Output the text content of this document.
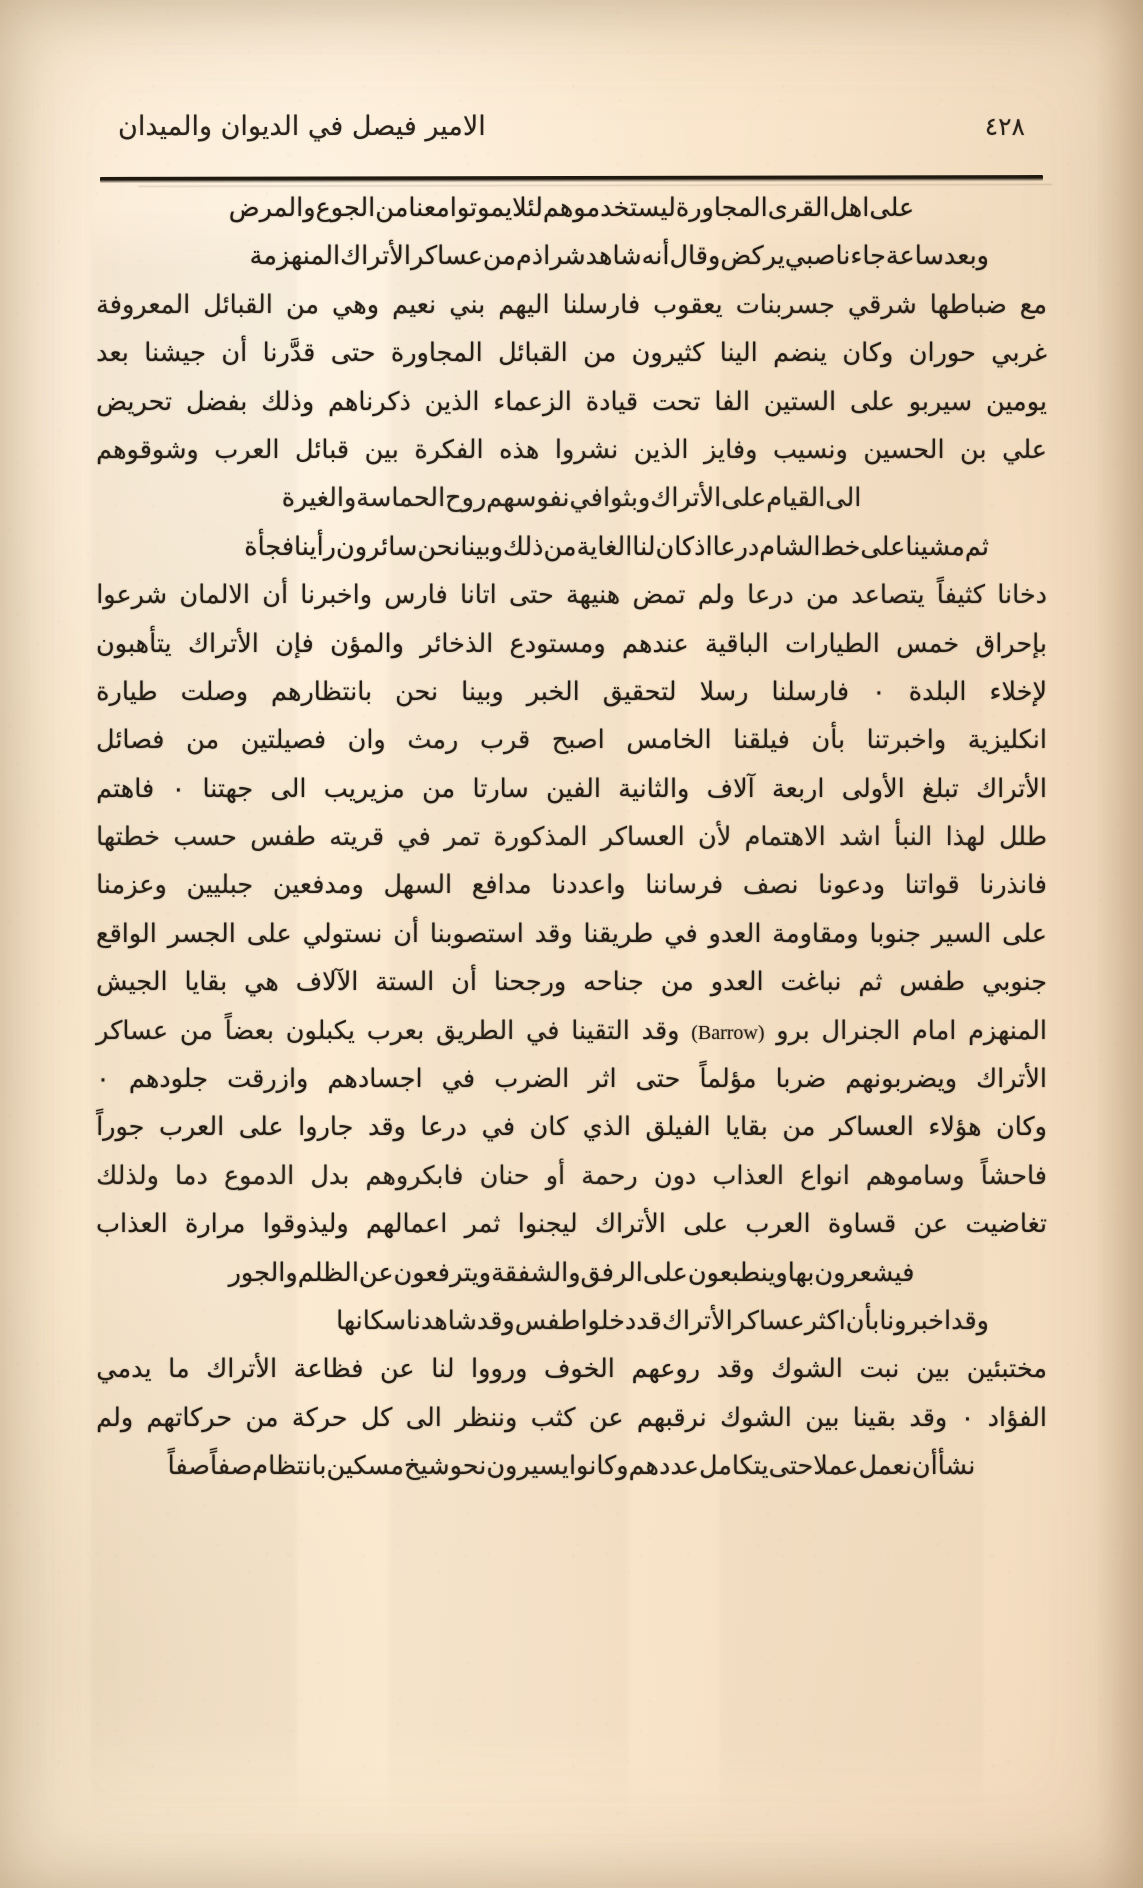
الامير فيصل في الديوان والميدان	٤٢٨
على
اهل
القرى
المجاورة
ليستخدموهم
لئلا
يموتوا
معنا
من
الجوع
والمرض
وبعد
ساعة
جاءناصبي
يركض
وقال
أنه
شاهدشر
اذم
من
عساكر
الأتراك
المنهزمة
مع
ضباطها
شرقي
جسربنات
يعقوب
فارسلنا
اليهم
بني
نعيم
وهي
من
القبائل
المعروفة
غربي
حوران
وكان
ينضم
الينا
كثيرون
من
القبائل
المجاورة
حتى
قدَّرنا
أن
جيشنا
بعد
يومين
سيربو
على
الستين
الفا
تحت
قيادة
الزعماء
الذين
ذكرناهم
وذلك
بفضل
تحريض
علي
بن
الحسين
ونسيب
وفايز
الذين
نشروا
هذه
الفكرة
بين
قبائل
العرب
وشوقوهم
الى
القيام
على
الأتراك
وبثوا
في
نفوسهم
روح
الحماسة
والغيرة
ثم
مشينا
على
خط
الشام
درعا
اذ
كان
لنا
الغاية
من
ذلك
وبينا
نحن
سائرون
رأينا
فجأة
دخانا
كثيفاً
يتصاعد
من
درعا
ولم
تمض
هنيهة
حتى
اتانا
فارس
واخبرنا
أن
الالمان
شرعوا
بإحراق
خمس
الطيارات
الباقية
عندهم
ومستودع
الذخائر
والمؤن
فإن
الأتراك
يتأهبون
لإخلاء
البلدة
٠
فارسلنا
رسلا
لتحقيق
الخبر
وبينا
نحن
بانتظارهم
وصلت
طيارة
انكليزية
واخبرتنا
بأن
فيلقنا
الخامس
اصبح
قرب
رمث
وان
فصيلتين
من
فصائل
الأتراك
تبلغ
الأولى
اربعة
آلاف
والثانية
الفين
سارتا
من
مزيريب
الى
جهتنا
٠
فاهتم
طلل
لهذا
النبأ
اشد
الاهتمام
لأن
العساكر
المذكورة
تمر
في
قريته
طفس
حسب
خطتها
فانذرنا
قواتنا
ودعونا
نصف
فرساننا
واعددنا
مدافع
السهل
ومدفعين
جبليين
وعزمنا
على
السير
جنوبا
ومقاومة
العدو
في
طريقنا
وقد
استصوبنا
أن
نستولي
على
الجسر
الواقع
جنوبي
طفس
ثم
نباغت
العدو
من
جناحه
ورجحنا
أن
الستة
الآلاف
هي
بقايا
الجيش
المنهزم
امام
الجنرال
برو
(Barrow)
وقد
التقينا
في
الطريق
بعرب
يكبلون
بعضاً
من
عساكر
الأتراك
ويضربونهم
ضربا
مؤلماً
حتى
اثر
الضرب
في
اجسادهم
وازرقت
جلودهم
٠
وكان
هؤلاء
العساكر
من
بقايا
الفيلق
الذي
كان
في
درعا
وقد
جاروا
على
العرب
جوراً
فاحشاً
وساموهم
انواع
العذاب
دون
رحمة
أو
حنان
فابكروهم
بدل
الدموع
دما
ولذلك
تغاضيت
عن
قساوة
العرب
على
الأتراك
ليجنوا
ثمر
اعمالهم
وليذوقوا
مرارة
العذاب
فيشعرون
بها
وينطبعون
على
الرفق
والشفقة
ويترفعون
عن
الظلم
والجور
وقد
اخبرونا
بأن
اكثر
عساكر
الأتراك
قد
دخلوا
طفس
وقد
شاهدنا
سكانها
مختبئين
بين
نبت
الشوك
وقد
روعهم
الخوف
ورووا
لنا
عن
فظاعة
الأتراك
ما
يدمي
الفؤاد
٠
وقد
بقينا
بين
الشوك
نرقبهم
عن
كثب
وننظر
الى
كل
حركة
من
حركاتهم
ولم
نشأ
أن
نعمل
عملا
حتى
يتكامل
عددهم
وكانوا
يسيرون
نحو
شيخ
مسكين
بانتظام
صفاً
صفاً
